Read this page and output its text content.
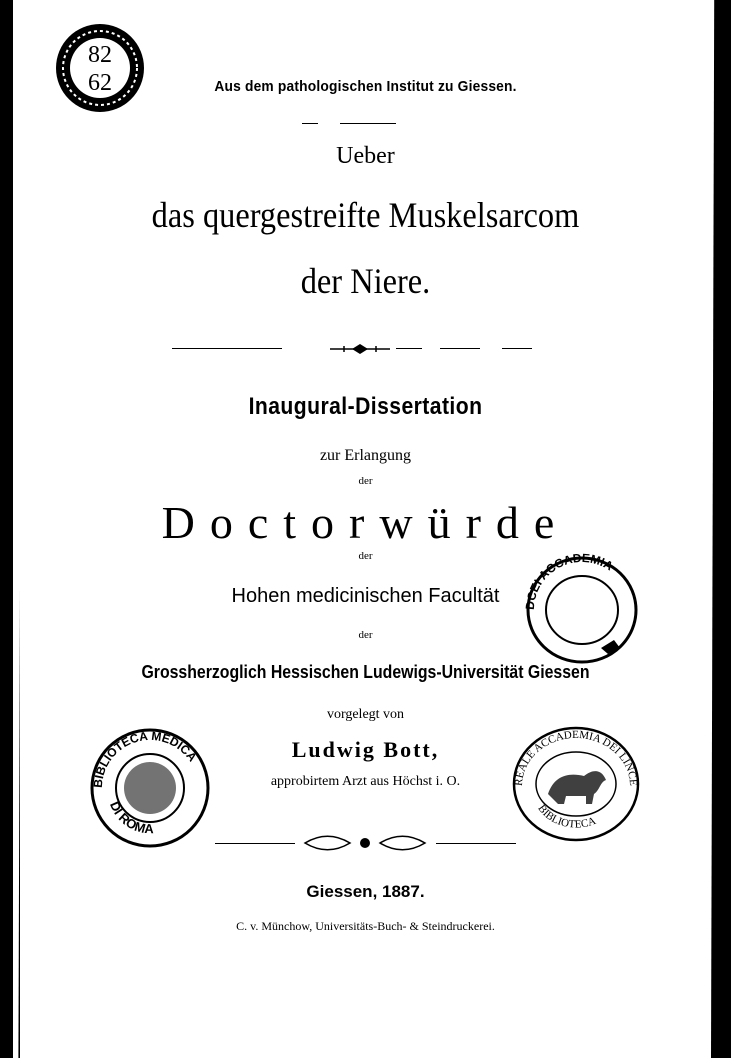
82
62	Aus dem pathologischen Institut zu Giessen.
Ueber
das quergestreifte Muskelsarcom
der Niere.
Inaugural-Dissertation
zur Erlangung
der
Doctorwürde
der
Hohen medicinischen Facultät
der
Grossherzoglich Hessischen Ludewigs-Universität Giessen
vorgelegt von
Ludwig Bott,
approbirtem Arzt aus Höchst i. O.
Giessen, 1887.
C. v. Münchow, Universitäts-Buch- & Steindruckerei.
DCEI ACCADEMIA
BIBLIOTECA MEDICA
DI ROMA
REALE ACCADEMIA DEI LINCE
BIBLIOTECA
